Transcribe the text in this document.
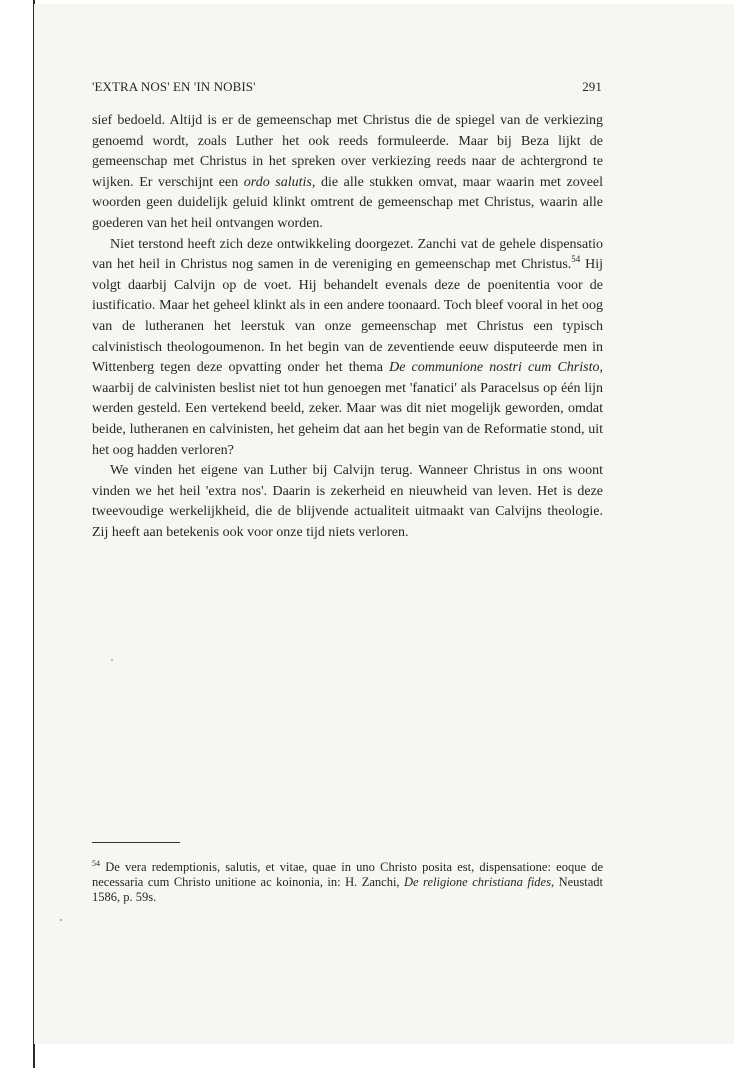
'EXTRA NOS' EN 'IN NOBIS'	291

sief bedoeld. Altijd is er de gemeenschap met Christus die de spiegel van de verkiezing genoemd wordt, zoals Luther het ook reeds formuleerde. Maar bij Beza lijkt de gemeenschap met Christus in het spreken over verkiezing reeds naar de achtergrond te wijken. Er verschijnt een ordo salutis, die alle stukken omvat, maar waarin met zoveel woorden geen duidelijk geluid klinkt omtrent de gemeenschap met Christus, waarin alle goederen van het heil ontvangen worden.

Niet terstond heeft zich deze ontwikkeling doorgezet. Zanchi vat de gehele dispensatio van het heil in Christus nog samen in de vereniging en gemeenschap met Christus.$^{54}$ Hij volgt daarbij Calvijn op de voet. Hij behandelt evenals deze de poenitentia voor de iustificatio. Maar het geheel klinkt als in een andere toonaard. Toch bleef vooral in het oog van de lutheranen het leerstuk van onze gemeenschap met Christus een typisch calvinistisch theologoumenon. In het begin van de zeventiende eeuw disputeerde men in Wittenberg tegen deze opvatting onder het thema De communione nostri cum Christo, waarbij de calvinisten beslist niet tot hun genoegen met 'fanatici' als Paracelsus op één lijn werden gesteld. Een vertekend beeld, zeker. Maar was dit niet mogelijk geworden, omdat beide, lutheranen en calvinisten, het geheim dat aan het begin van de Reformatie stond, uit het oog hadden verloren?

We vinden het eigene van Luther bij Calvijn terug. Wanneer Christus in ons woont vinden we het heil 'extra nos'. Daarin is zekerheid en nieuwheid van leven. Het is deze tweevoudige werkelijkheid, die de blijvende actualiteit uitmaakt van Calvijns theologie. Zij heeft aan betekenis ook voor onze tijd niets verloren.

$^{54}$ De vera redemptionis, salutis, et vitae, quae in uno Christo posita est, dispensatione: eoque de necessaria cum Christo unitione ac koinonia, in: H. Zanchi, De religione christiana fides, Neustadt 1586, p. 59s.
